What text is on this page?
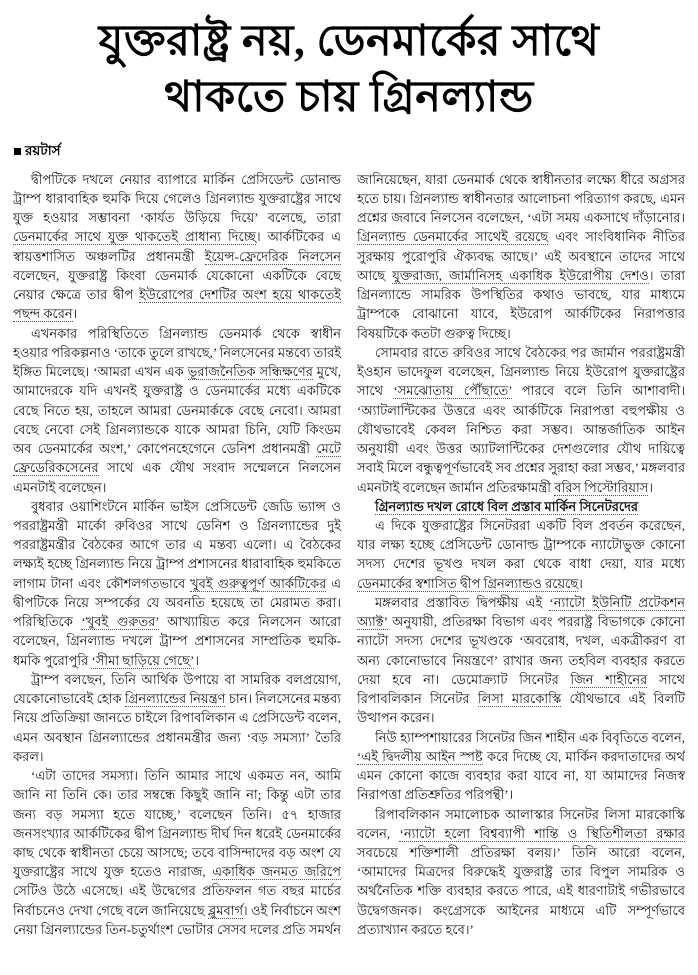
যুক্তরাষ্ট্র নয়, ডেনমার্কের সাথে
থাকতে চায় গ্রিনল্যান্ড
রয়টার্স

দ্বীপটিকে দখলে নেয়ার ব্যাপারে মার্কিন প্রেসিডেন্ট ডোনাল্ড ট্রাম্প ধারাবাহিক হুমকি দিয়ে গেলেও গ্রিনল্যান্ড যুক্তরাষ্ট্রের সাথে যুক্ত হওয়ার সম্ভাবনা ‘কার্যত উড়িয়ে দিয়ে’ বলেছে, তারা ডেনমার্কের সাথে যুক্ত থাকতেই প্রাধান্য দিচ্ছে। আর্কটিকের এ স্বায়ত্তশাসিত অঞ্চলটির প্রধানমন্ত্রী ইয়েন্স-ফ্রেদেরিক নিলসেন বলেছেন, যুক্তরাষ্ট্র কিংবা ডেনমার্ক যেকোনো একটিকে বেছে নেয়ার ক্ষেত্রে তার দ্বীপ ইউরোপের দেশটির অংশ হয়ে থাকতেই পছন্দ করেন।

এখনকার পরিস্থিতিতে গ্রিনল্যান্ড ডেনমার্ক থেকে স্বাধীন হওয়ার পরিকল্পনাও ‘তাকে তুলে রাখছে,’ নিলসেনের মন্তব্যে তারই ইঙ্গিত মিলেছে। ‘আমরা এখন এক ভূরাজনৈতিক সন্ধিক্ষণের মুখে, আমাদেরকে যদি এখনই যুক্তরাষ্ট্র ও ডেনমার্কের মধ্যে একটিকে বেছে নিতে হয়, তাহলে আমরা ডেনমার্ককে বেছে নেবো। আমরা বেছে নেবো সেই গ্রিনল্যান্ডকে যাকে আমরা চিনি, যেটি কিংডম অব ডেনমার্কের অংশ,’ কোপেনহেগেনে ডেনিশ প্রধানমন্ত্রী মেটে ফ্রেডেরিকসেনের সাথে এক যৌথ সংবাদ সম্মেলনে নিলসেন এমনটাই বলেছেন।

বুধবার ওয়াশিংটনে মার্কিন ভাইস প্রেসিডেন্ট জেডি ভ্যান্স ও পররাষ্ট্রমন্ত্রী মার্কো রুবিওর সাথে ডেনিশ ও গ্রিনল্যান্ডের দুই পররাষ্ট্রমন্ত্রীর বৈঠকের আগে তার এ মন্তব্য এলো। এ বৈঠকের লক্ষ্যই হচ্ছে গ্রিনল্যান্ড নিয়ে ট্রাম্প প্রশাসনের ধারাবাহিক হুমকিতে লাগাম টানা এবং কৌশলগতভাবে খুবই গুরুত্বপূর্ণ আর্কটিকের এ দ্বীপটিকে নিয়ে সম্পর্কের যে অবনতি হয়েছে তা মেরামত করা। পরিস্থিতিকে ‘খুবই গুরুতর’ আখ্যায়িত করে নিলসেন আরো বলেছেন, গ্রিনল্যান্ড দখলে ট্রাম্প প্রশাসনের সাম্প্রতিক হুমকি-ধমকি পুরোপুরি ‘সীমা ছাড়িয়ে গেছে’।

ট্রাম্প বলছেন, তিনি আর্থিক উপায়ে বা সামরিক বলপ্রয়োগ, যেকোনোভাবেই হোক গ্রিনল্যান্ডের নিয়ন্ত্রণ চান। নিলসেনের মন্তব্য নিয়ে প্রতিক্রিয়া জানতে চাইলে রিপাবলিকান এ প্রেসিডেন্ট বলেন, এমন অবস্থান গ্রিনল্যান্ডের প্রধানমন্ত্রীর জন্য ‘বড় সমস্যা’ তৈরি করল।

‘এটা তাদের সমস্যা। তিনি আমার সাথে একমত নন, আমি জানি না তিনি কে। তার সম্বন্ধে কিছুই জানি না; কিন্তু এটা তার জন্য বড় সমস্যা হতে যাচ্ছে,’ বলেছেন তিনি। ৫৭ হাজার জনসংখ্যার আর্কটিকের দ্বীপ গ্রিনল্যান্ড দীর্ঘ দিন ধরেই ডেনমার্কের কাছ থেকে স্বাধীনতা চেয়ে আসছে; তবে বাসিন্দাদের বড় অংশ যে যুক্তরাষ্ট্রের সাথে যুক্ত হতেও নারাজ, একাধিক জনমত জরিপে সেটিও উঠে এসেছে। এই উদ্বেগের প্রতিফলন গত বছর মার্চের নির্বাচনেও দেখা গেছে বলে জানিয়েছে ব্লুমবার্গ। ওই নির্বাচনে অংশ নেয়া গ্রিনল্যান্ডের তিন-চতুর্থাংশ ভোটার সেসব দলের প্রতি সমর্থন জানিয়েছেন, যারা ডেনমার্ক থেকে স্বাধীনতার লক্ষ্যে ধীরে অগ্রসর হতে চায়। গ্রিনল্যান্ড স্বাধীনতার আলোচনা পরিত্যাগ করছে, এমন প্রশ্নের জবাবে নিলসেন বলেছেন, ‘এটা সময় একসাথে দাঁড়ানোর। গ্রিনল্যান্ড ডেনমার্কের সাথেই রয়েছে এবং সাংবিধানিক নীতির সুরক্ষায় পুরোপুরি ঐক্যবদ্ধ আছে।’ এই অবস্থানে তাদের সাথে আছে যুক্তরাজ্য, জার্মানিসহ একাধিক ইউরোপীয় দেশও। তারা গ্রিনল্যান্ডে সামরিক উপস্থিতির কথাও ভাবছে, যার মাধ্যমে ট্রাম্পকে বোঝানো যাবে, ইউরোপ আর্কটিকের নিরাপত্তার বিষয়টিকে কতটা গুরুত্ব দিচ্ছে।

সোমবার রাতে রুবিওর সাথে বৈঠকের পর জার্মান পররাষ্ট্রমন্ত্রী ইওহান ভাদেফুল বলেছেন, গ্রিনল্যান্ড নিয়ে ইউরোপ যুক্তরাষ্ট্রের সাথে ‘সমঝোতায় পৌঁছাতে’ পারবে বলে তিনি আশাবাদী। ‘অ্যাটলান্টিকের উত্তরে এবং আর্কটিকে নিরাপত্তা বহুপক্ষীয় ও যৌথভাবেই কেবল নিশ্চিত করা সম্ভব। আন্তর্জাতিক আইন অনুযায়ী এবং উত্তর অ্যাটলান্টিকের দেশগুলোর যৌথ দায়িত্বে সবাই মিলে বন্ধুত্বপূর্ণভাবেই সব প্রশ্নের সুরাহা করা সম্ভব,’ মঙ্গলবার এমনটাই বলেছেন জার্মান প্রতিরক্ষামন্ত্রী বরিস পিস্টোরিয়াস।

গ্রিনল্যান্ড দখল রোধে বিল প্রস্তাব মার্কিন সিনেটরদের

এ দিকে যুক্তরাষ্ট্রের সিনেটররা একটি বিল প্রবর্তন করেছেন, যার লক্ষ্য হচ্ছে প্রেসিডেন্ট ডোনাল্ড ট্রাম্পকে ন্যাটোভুক্ত কোনো সদস্য দেশের ভূখণ্ড দখল করা থেকে বাধা দেয়া, যার মধ্যে ডেনমার্কের স্বশাসিত দ্বীপ গ্রিনল্যান্ডও রয়েছে।

মঙ্গলবার প্রস্তাবিত দ্বিপক্ষীয় এই ‘ন্যাটো ইউনিটি প্রটেকশন অ্যাক্ট’ অনুযায়ী, প্রতিরক্ষা বিভাগ এবং পররাষ্ট্র বিভাগকে কোনো ন্যাটো সদস্য দেশের ভূখণ্ডকে ‘অবরোধ, দখল, একত্রীকরণ বা অন্য কোনোভাবে নিয়ন্ত্রণে’ রাখার জন্য তহবিল ব্যবহার করতে দেয়া হবে না। ডেমোক্র্যাট সিনেটর জিন শাহীনের সাথে রিপাবলিকান সিনেটর লিসা মারকোস্কি যৌথভাবে এই বিলটি উত্থাপন করেন।

নিউ হ্যাম্পশায়ারের সিনেটর জিন শাহীন এক বিবৃতিতে বলেন, ‘এই দ্বিদলীয় আইন স্পষ্ট করে দিচ্ছে যে, মার্কিন করদাতাদের অর্থ এমন কোনো কাজে ব্যবহার করা যাবে না, যা আমাদের নিজস্ব নিরাপত্তা প্রতিশ্রুতির পরিপন্থী’।

রিপাবলিকান সমালোচক আলাস্কার সিনেটর লিসা মারকোস্কি বলেন, ‘ন্যাটো হলো বিশ্বব্যাপী শান্তি ও স্থিতিশীলতা রক্ষার সবচেয়ে শক্তিশালী প্রতিরক্ষা বলয়।’ তিনি আরো বলেন, ‘আমাদের মিত্রদের বিরুদ্ধেই যুক্তরাষ্ট্র তার বিপুল সামরিক ও অর্থনৈতিক শক্তি ব্যবহার করতে পারে, এই ধারণাটাই গভীরভাবে উদ্বেগজনক। কংগ্রেসকে আইনের মাধ্যমে এটি সম্পূর্ণভাবে প্রত্যাখ্যান করতে হবে।’
